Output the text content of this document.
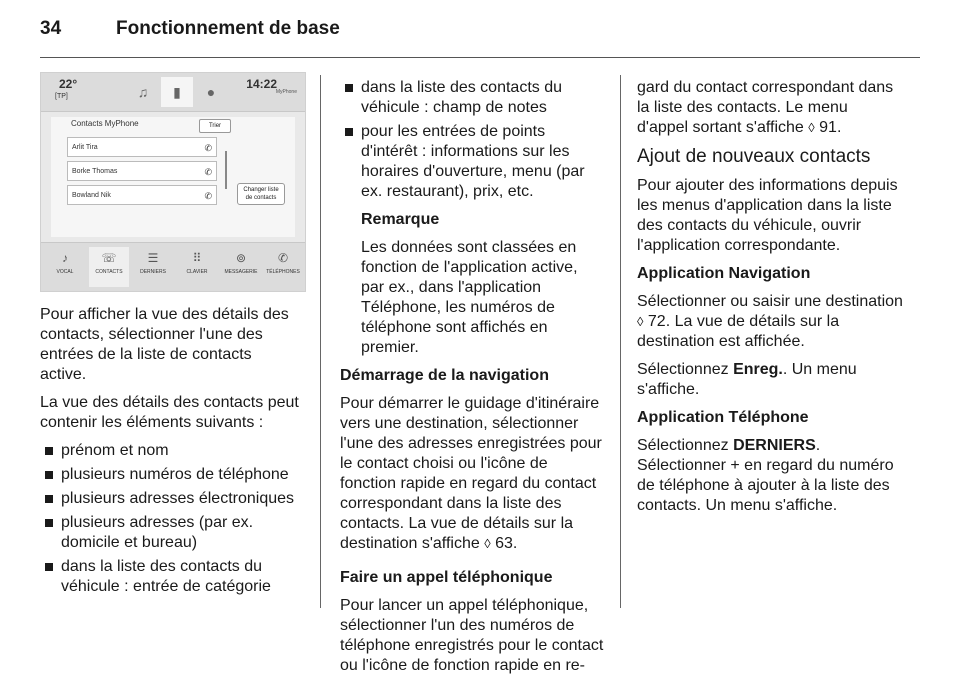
34	Fonctionnement de base
22°
[TP]	♫	▮	●	14:22
MyPhone
Contacts MyPhone	Trier
Arlit Tira	✆
Borke Thomas	✆
Bowland Nik	✆
Changer liste
de contacts
♪
VOCAL
☏
CONTACTS
☰
DERNIERS
⠿
CLAVIER
⊚
MESSAGERIE
✆
TÉLÉPHONES

Pour afficher la vue des détails des contacts, sélectionner l'une des entrées de la liste de contacts active.

La vue des détails des contacts peut contenir les éléments suivants :

prénom et nom
plusieurs numéros de téléphone
plusieurs adresses électroniques
plusieurs adresses (par ex. domicile et bureau)
dans la liste des contacts du véhicule : entrée de catégorie
dans la liste des contacts du véhicule : champ de notes
pour les entrées de points d'intérêt : informations sur les horaires d'ouverture, menu (par ex. restaurant), prix, etc.

Remarque

Les données sont classées en fonction de l'application active, par ex., dans l'application Téléphone, les numéros de téléphone sont affichés en premier.

Démarrage de la navigation

Pour démarrer le guidage d'itinéraire vers une destination, sélectionner l'une des adresses enregistrées pour le contact choisi ou l'icône de fonction rapide en regard du contact correspondant dans la liste des contacts. La vue de détails sur la destination s'affiche ◊ 63.

Faire un appel téléphonique

Pour lancer un appel téléphonique, sélectionner l'un des numéros de téléphone enregistrés pour le contact ou l'icône de fonction rapide en re-

gard du contact correspondant dans la liste des contacts. Le menu d'appel sortant s'affiche ◊ 91.

Ajout de nouveaux contacts

Pour ajouter des informations depuis les menus d'application dans la liste des contacts du véhicule, ouvrir l'application correspondante.

Application Navigation

Sélectionner ou saisir une destination ◊ 72. La vue de détails sur la destination est affichée.

Sélectionnez Enreg.. Un menu s'affiche.

Application Téléphone

Sélectionnez DERNIERS. Sélectionner + en regard du numéro de téléphone à ajouter à la liste des contacts. Un menu s'affiche.
